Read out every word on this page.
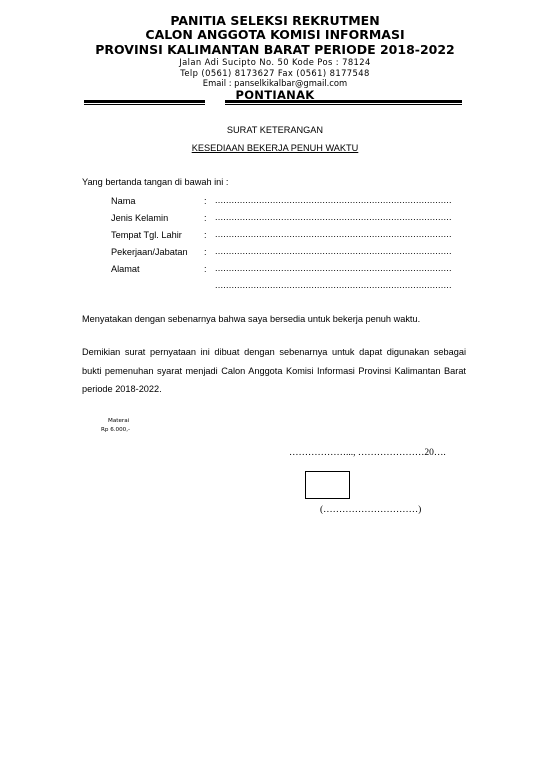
PANITIA SELEKSI REKRUTMEN
CALON ANGGOTA KOMISI INFORMASI
PROVINSI KALIMANTAN BARAT PERIODE 2018-2022
Jalan Adi Sucipto No. 50 Kode Pos : 78124
Telp (0561) 8173627 Fax (0561) 8177548
Email : panselkikalbar@gmail.com
PONTIANAK
SURAT KETERANGAN
KESEDIAAN BEKERJA PENUH WAKTU
Yang bertanda tangan di bawah ini :
Nama	: ......................................................................................
Jenis Kelamin	: ......................................................................................
Tempat Tgl. Lahir : ......................................................................................
Pekerjaan/Jabatan : ......................................................................................
Alamat	: ......................................................................................
......................................................................................
Menyatakan dengan sebenarnya bahwa saya bersedia untuk bekerja penuh waktu.
Demikian surat pernyataan ini dibuat dengan sebenarnya untuk dapat digunakan sebagai bukti pemenuhan syarat menjadi Calon Anggota Komisi Informasi Provinsi Kalimantan Barat periode 2018-2022.
Materai
Rp 6.000,-
………………..., …………………20….
(…………………………)
